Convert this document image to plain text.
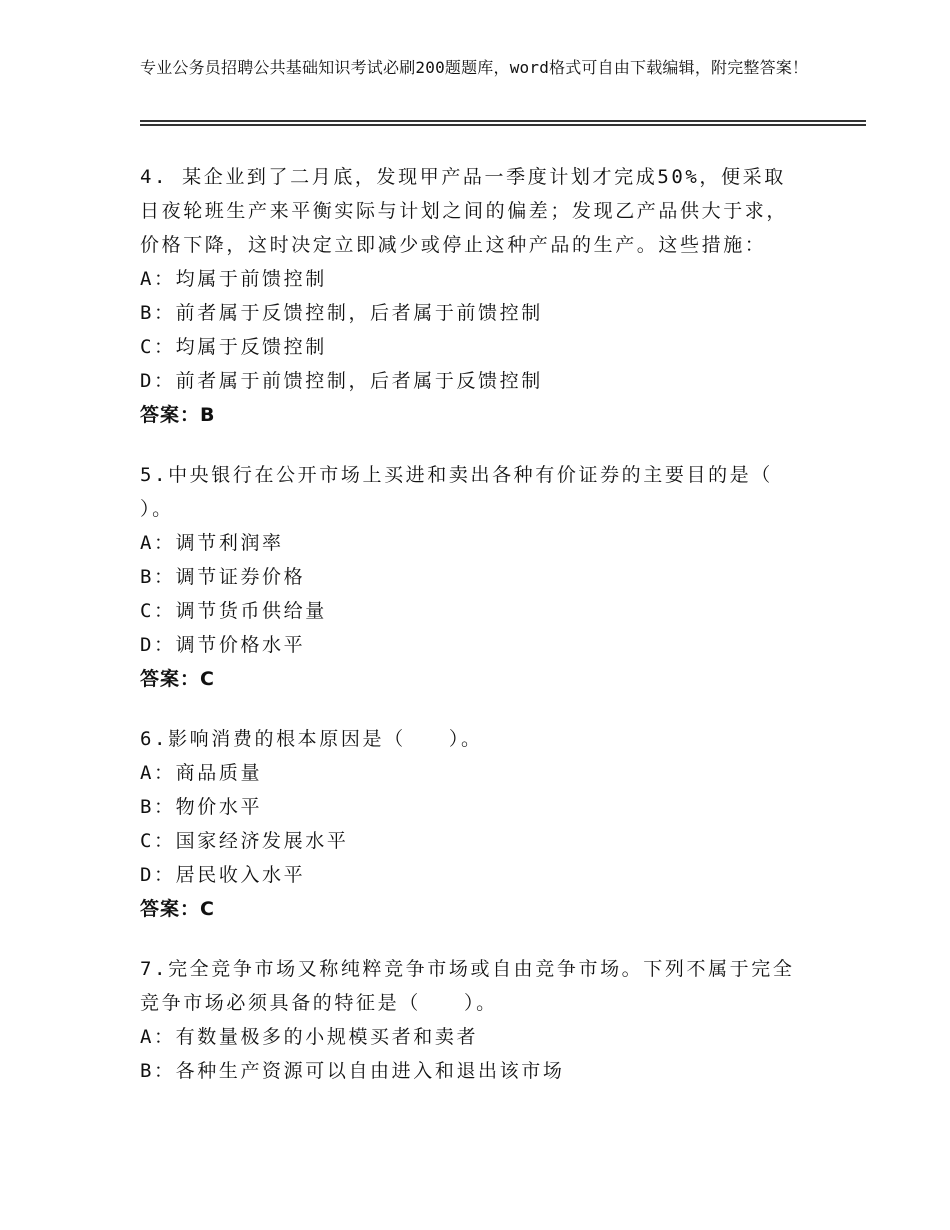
专业公务员招聘公共基础知识考试必刷200题题库，word格式可自由下载编辑，附完整答案！
4. 某企业到了二月底，发现甲产品一季度计划才完成50%，便采取日夜轮班生产来平衡实际与计划之间的偏差；发现乙产品供大于求，价格下降，这时决定立即减少或停止这种产品的生产。这些措施：
A：均属于前馈控制
B：前者属于反馈控制，后者属于前馈控制
C：均属于反馈控制
D：前者属于前馈控制，后者属于反馈控制
答案：B
5.中央银行在公开市场上买进和卖出各种有价证券的主要目的是（ ）。
A：调节利润率
B：调节证券价格
C：调节货币供给量
D：调节价格水平
答案：C
6.影响消费的根本原因是（　　）。
A：商品质量
B：物价水平
C：国家经济发展水平
D：居民收入水平
答案：C
7.完全竞争市场又称纯粹竞争市场或自由竞争市场。下列不属于完全竞争市场必须具备的特征是（　　）。
A：有数量极多的小规模买者和卖者
B：各种生产资源可以自由进入和退出该市场
